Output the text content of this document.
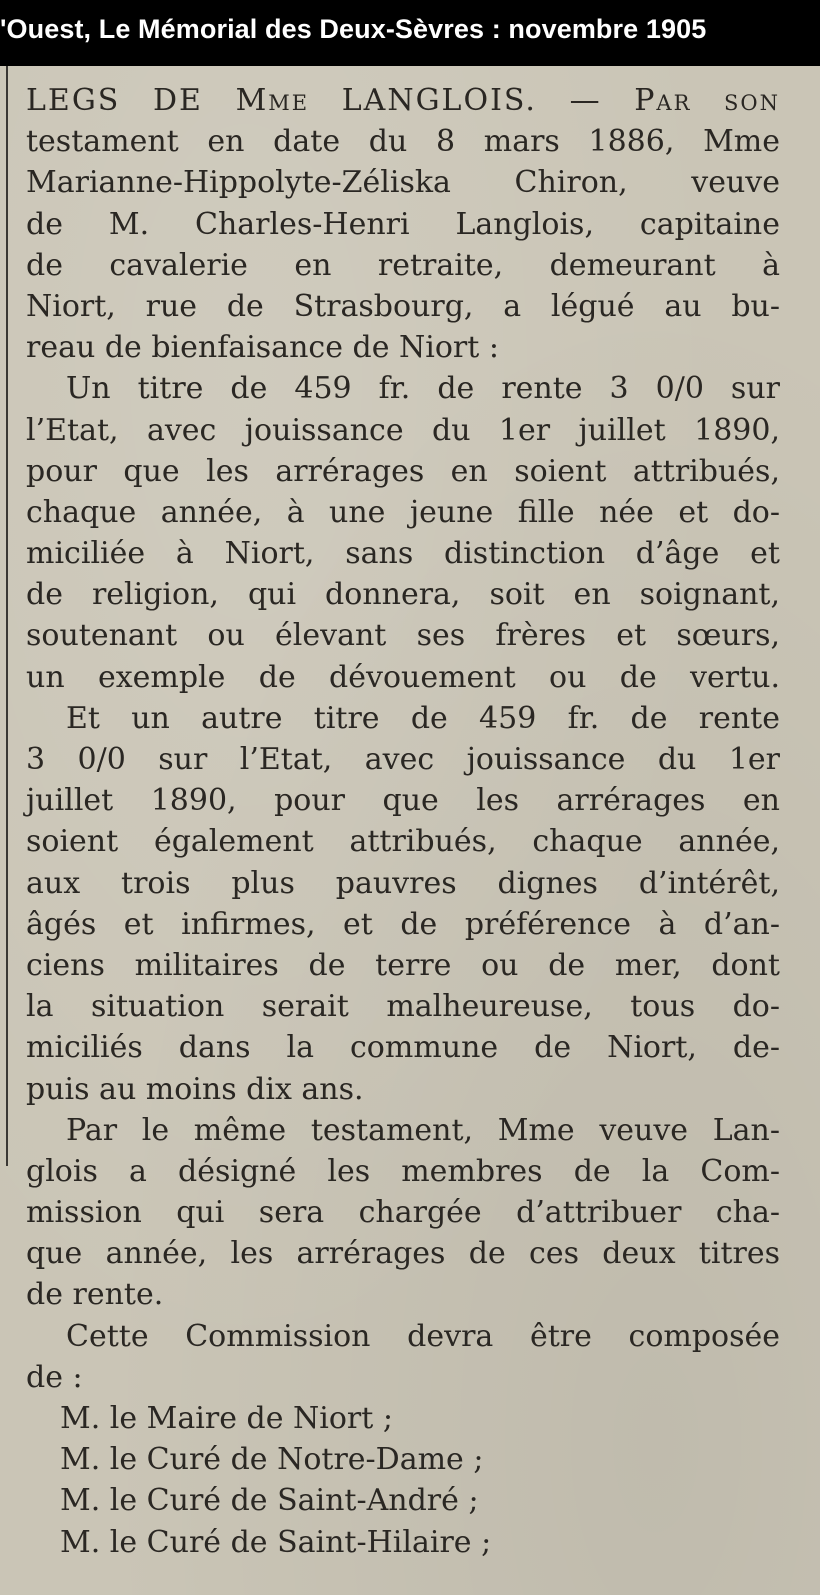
'Ouest, Le Mémorial des Deux-Sèvres : novembre 1905
LEGS DE Mme LANGLOIS. — Par son
testament en date du 8 mars 1886, Mme
Marianne-Hippolyte-Zéliska Chiron, veuve
de M. Charles-Henri Langlois, capitaine
de cavalerie en retraite, demeurant à
Niort, rue de Strasbourg, a légué au bu-
reau de bienfaisance de Niort :
Un titre de 459 fr. de rente 3 0/0 sur
l’Etat, avec jouissance du 1er juillet 1890,
pour que les arrérages en soient attribués,
chaque année, à une jeune fille née et do-
miciliée à Niort, sans distinction d’âge et
de religion, qui donnera, soit en soignant,
soutenant ou élevant ses frères et sœurs,
un exemple de dévouement ou de vertu.
Et un autre titre de 459 fr. de rente
3 0/0 sur l’Etat, avec jouissance du 1er
juillet 1890, pour que les arrérages en
soient également attribués, chaque année,
aux trois plus pauvres dignes d’intérêt,
âgés et infirmes, et de préférence à d’an-
ciens militaires de terre ou de mer, dont
la situation serait malheureuse, tous do-
miciliés dans la commune de Niort, de-
puis au moins dix ans.
Par le même testament, Mme veuve Lan-
glois a désigné les membres de la Com-
mission qui sera chargée d’attribuer cha-
que année, les arrérages de ces deux titres
de rente.
Cette Commission devra être composée
de :
M. le Maire de Niort ;
M. le Curé de Notre-Dame ;
M. le Curé de Saint-André ;
M. le Curé de Saint-Hilaire ;
